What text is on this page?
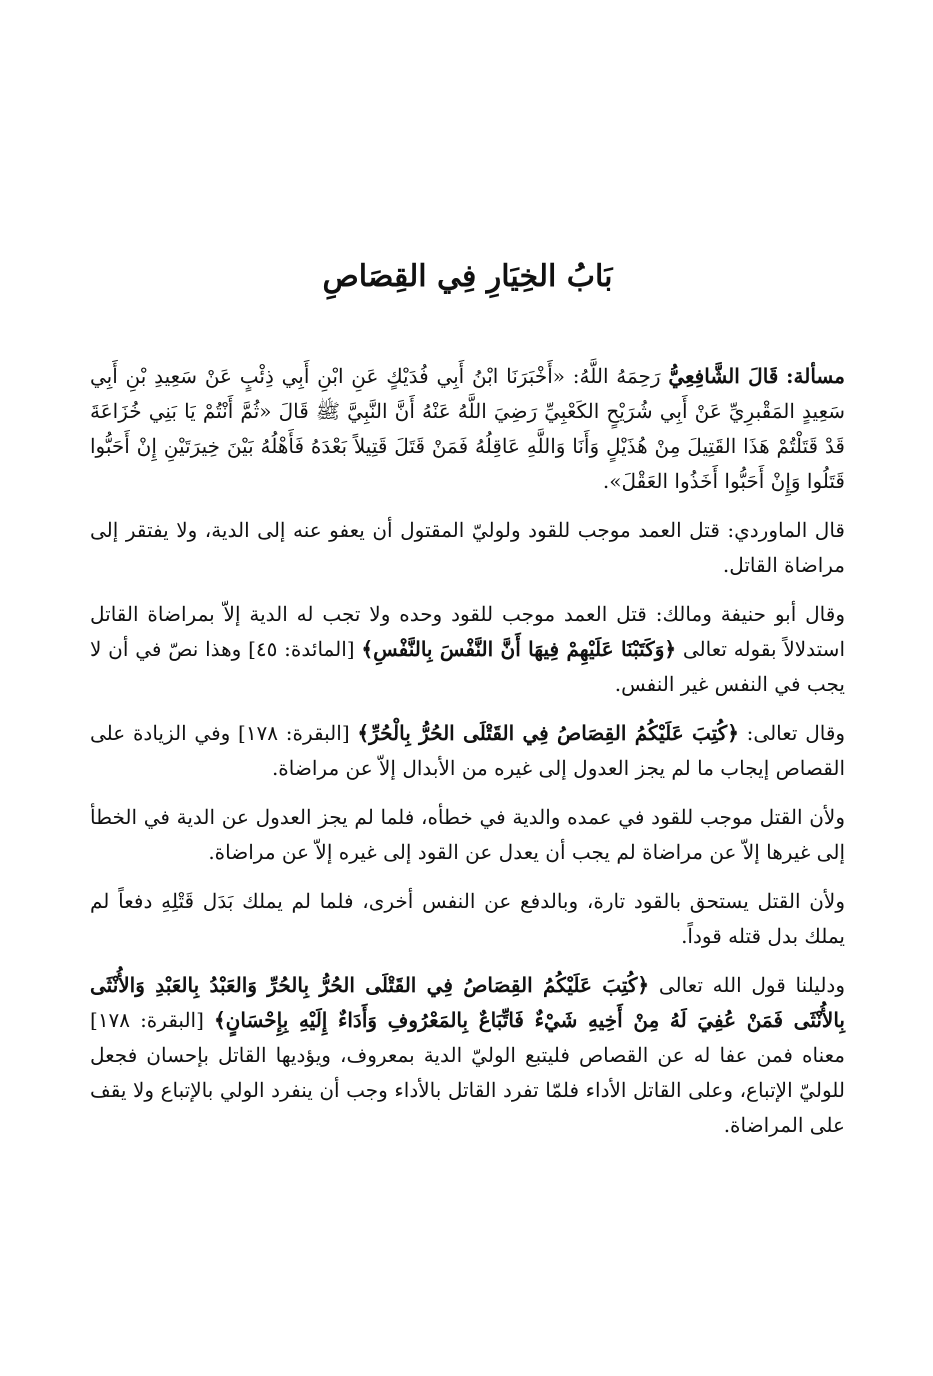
بَابُ الخِيَارِ فِي القِصَاصِ

مسألة: قَالَ الشَّافِعِيُّ رَحِمَهُ اللَّهُ: «أَخْبَرَنَا ابْنُ أَبِي فُدَيْكٍ عَنِ ابْنِ أَبِي ذِئْبٍ عَنْ سَعِيدِ بْنِ أَبِي سَعِيدٍ المَقْبرِيِّ عَنْ أَبِي شُرَيْحٍ الكَعْبِيِّ رَضِيَ اللَّهُ عَنْهُ أَنَّ النَّبِيَّ ﷺ قَالَ «ثُمَّ أَنْتُمْ يَا بَنِي خُزَاعَةَ قَدْ قَتَلْتُمْ هَذَا القَتِيلَ مِنْ هُذَيْلٍ وَأَنَا وَاللَّهِ عَاقِلُهُ فَمَنْ قَتَلَ قَتِيلاً بَعْدَهُ فَأَهْلُهُ بَيْنَ خِيرَتَيْنِ إِنْ أَحَبُّوا قَتَلُوا وَإِنْ أَحَبُّوا أَخَذُوا العَقْلَ».

قال الماوردي: قتل العمد موجب للقود ولوليّ المقتول أن يعفو عنه إلى الدية، ولا يفتقر إلى مراضاة القاتل.

وقال أبو حنيفة ومالك: قتل العمد موجب للقود وحده ولا تجب له الدية إلاّ بمراضاة القاتل استدلالاً بقوله تعالى ﴿وَكَتَبْنَا عَلَيْهِمْ فِيهَا أَنَّ النَّفْسَ بِالنَّفْسِ﴾ [المائدة: ٤٥] وهذا نصّ في أن لا يجب في النفس غير النفس.

وقال تعالى: ﴿كُتِبَ عَلَيْكُمُ القِصَاصُ فِي القَتْلَى الحُرُّ بِالْحُرِّ﴾ [البقرة: ١٧٨] وفي الزيادة على القصاص إيجاب ما لم يجز العدول إلى غيره من الأبدال إلاّ عن مراضاة.

ولأن القتل موجب للقود في عمده والدية في خطأه، فلما لم يجز العدول عن الدية في الخطأ إلى غيرها إلاّ عن مراضاة لم يجب أن يعدل عن القود إلى غيره إلاّ عن مراضاة.

ولأن القتل يستحق بالقود تارة، وبالدفع عن النفس أخرى، فلما لم يملك بَدَل قَتْلِهِ دفعاً لم يملك بدل قتله قوداً.

ودليلنا قول الله تعالى ﴿كُتِبَ عَلَيْكُمُ القِصَاصُ فِي القَتْلَى الحُرُّ بِالحُرِّ وَالعَبْدُ بِالعَبْدِ وَالأُنْثَى بِالأُنْثَى فَمَنْ عُفِيَ لَهُ مِنْ أَخِيهِ شَيْءٌ فَاتِّبَاعٌ بِالمَعْرُوفِ وَأَدَاءٌ إِلَيْهِ بِإِحْسَانٍ﴾ [البقرة: ١٧٨] معناه فمن عفا له عن القصاص فليتبع الوليّ الدية بمعروف، ويؤديها القاتل بإحسان فجعل للوليّ الإتباع، وعلى القاتل الأداء فلمّا تفرد القاتل بالأداء وجب أن ينفرد الولي بالإتباع ولا يقف على المراضاة.
